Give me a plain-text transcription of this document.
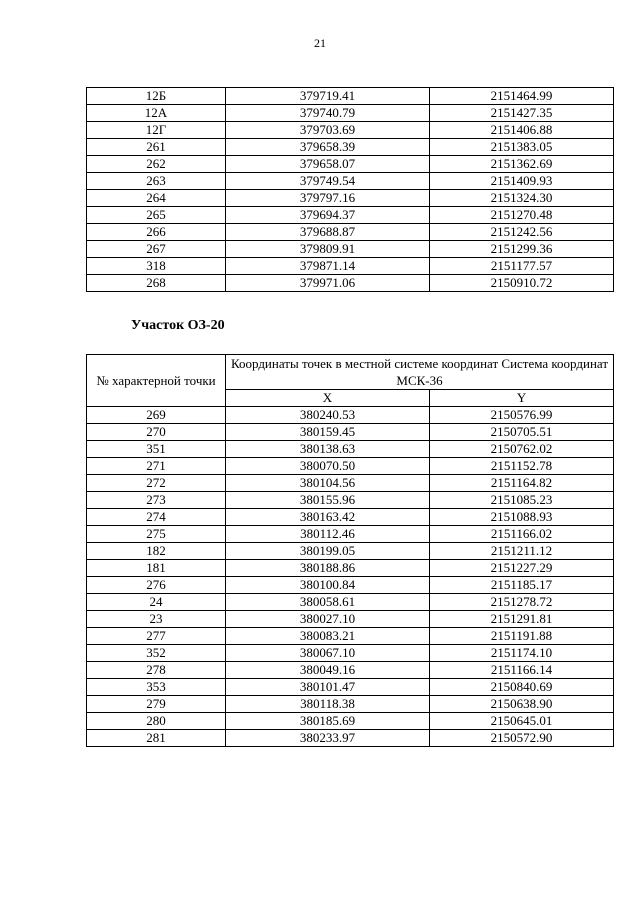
21
12Б	379719.41	2151464.99
12А	379740.79	2151427.35
12Г	379703.69	2151406.88
261	379658.39	2151383.05
262	379658.07	2151362.69
263	379749.54	2151409.93
264	379797.16	2151324.30
265	379694.37	2151270.48
266	379688.87	2151242.56
267	379809.91	2151299.36
318	379871.14	2151177.57
268	379971.06	2150910.72
Участок ОЗ-20
№ характерной точки	Координаты точек в местной системе координат Система координат МСК-36	
	X	Y
269	380240.53	2150576.99
270	380159.45	2150705.51
351	380138.63	2150762.02
271	380070.50	2151152.78
272	380104.56	2151164.82
273	380155.96	2151085.23
274	380163.42	2151088.93
275	380112.46	2151166.02
182	380199.05	2151211.12
181	380188.86	2151227.29
276	380100.84	2151185.17
24	380058.61	2151278.72
23	380027.10	2151291.81
277	380083.21	2151191.88
352	380067.10	2151174.10
278	380049.16	2151166.14
353	380101.47	2150840.69
279	380118.38	2150638.90
280	380185.69	2150645.01
281	380233.97	2150572.90
